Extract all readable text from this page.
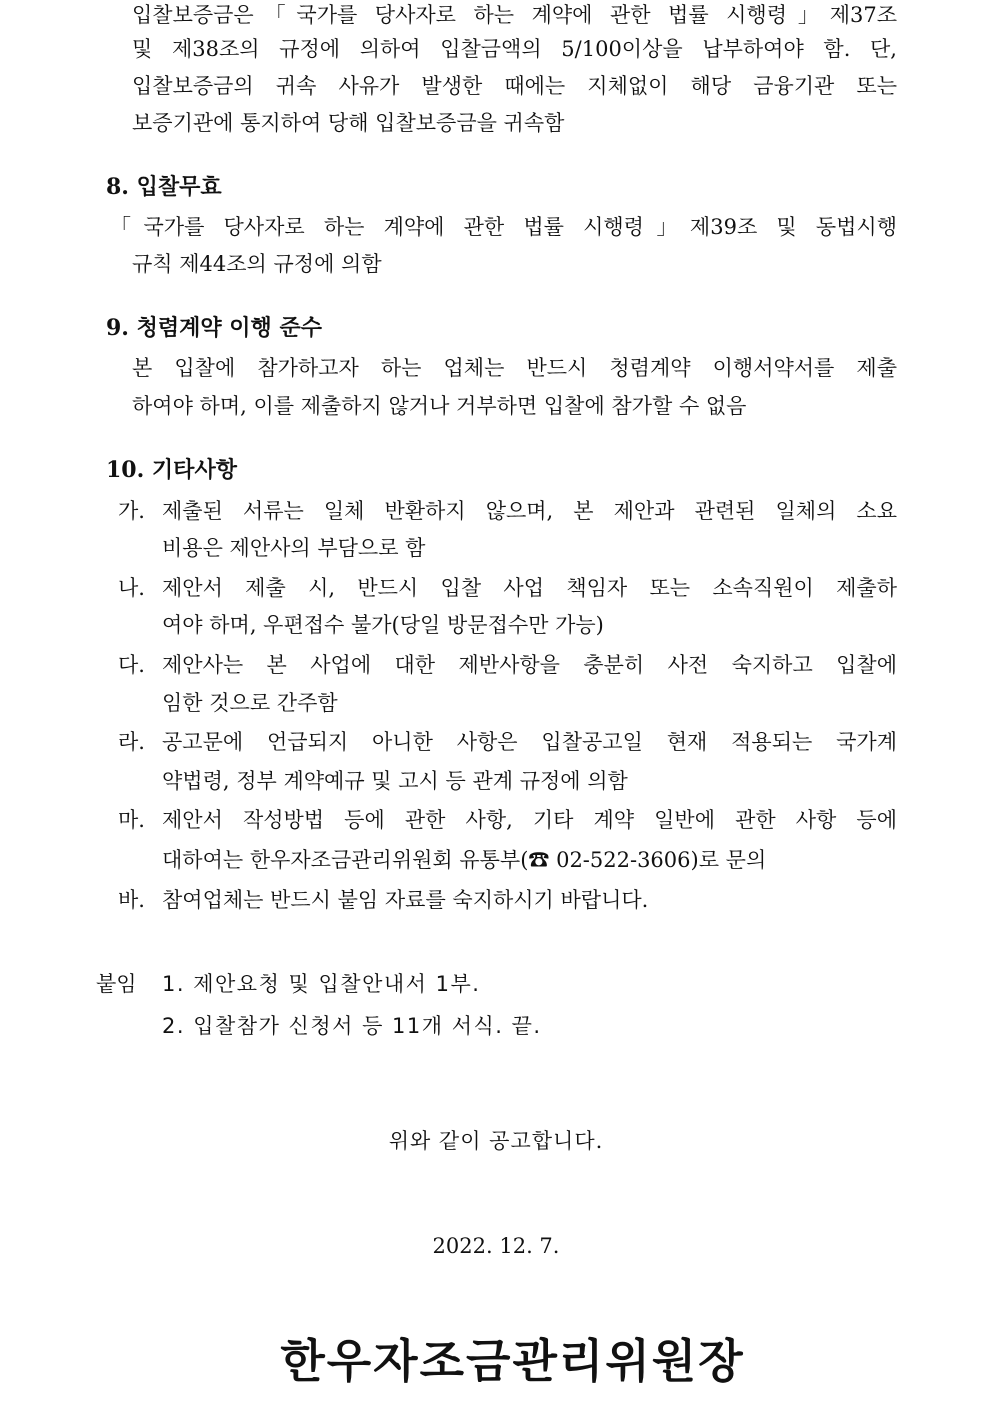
입찰보증금은「국가를 당사자로 하는 계약에 관한 법률 시행령」제37조
및 제38조의 규정에 의하여 입찰금액의 5/100이상을 납부하여야 함. 단,
입찰보증금의 귀속 사유가 발생한 때에는 지체없이 해당 금융기관 또는
보증기관에 통지하여 당해 입찰보증금을 귀속함
8. 입찰무효
「국가를 당사자로 하는 계약에 관한 법률 시행령」제39조 및 동법시행
규칙 제44조의 규정에 의함
9. 청렴계약 이행 준수
본 입찰에 참가하고자 하는 업체는 반드시 청렴계약 이행서약서를 제출
하여야 하며, 이를 제출하지 않거나 거부하면 입찰에 참가할 수 없음
10. 기타사항
가. 제출된 서류는 일체 반환하지 않으며, 본 제안과 관련된 일체의 소요
비용은 제안사의 부담으로 함
나. 제안서 제출 시, 반드시 입찰 사업 책임자 또는 소속직원이 제출하
여야 하며, 우편접수 불가(당일 방문접수만 가능)
다. 제안사는 본 사업에 대한 제반사항을 충분히 사전 숙지하고 입찰에
임한 것으로 간주함
라. 공고문에 언급되지 아니한 사항은 입찰공고일 현재 적용되는 국가계
약법령, 정부 계약예규 및 고시 등 관계 규정에 의함
마. 제안서 작성방법 등에 관한 사항, 기타 계약 일반에 관한 사항 등에
대하여는 한우자조금관리위원회 유통부(☎ 02-522-3606)로 문의
바. 참여업체는 반드시 붙임 자료를 숙지하시기 바랍니다.
붙임 1. 제안요청 및 입찰안내서 1부.
2. 입찰참가 신청서 등 11개 서식. 끝.
위와 같이 공고합니다.
2022. 12. 7.
한우자조금관리위원장
